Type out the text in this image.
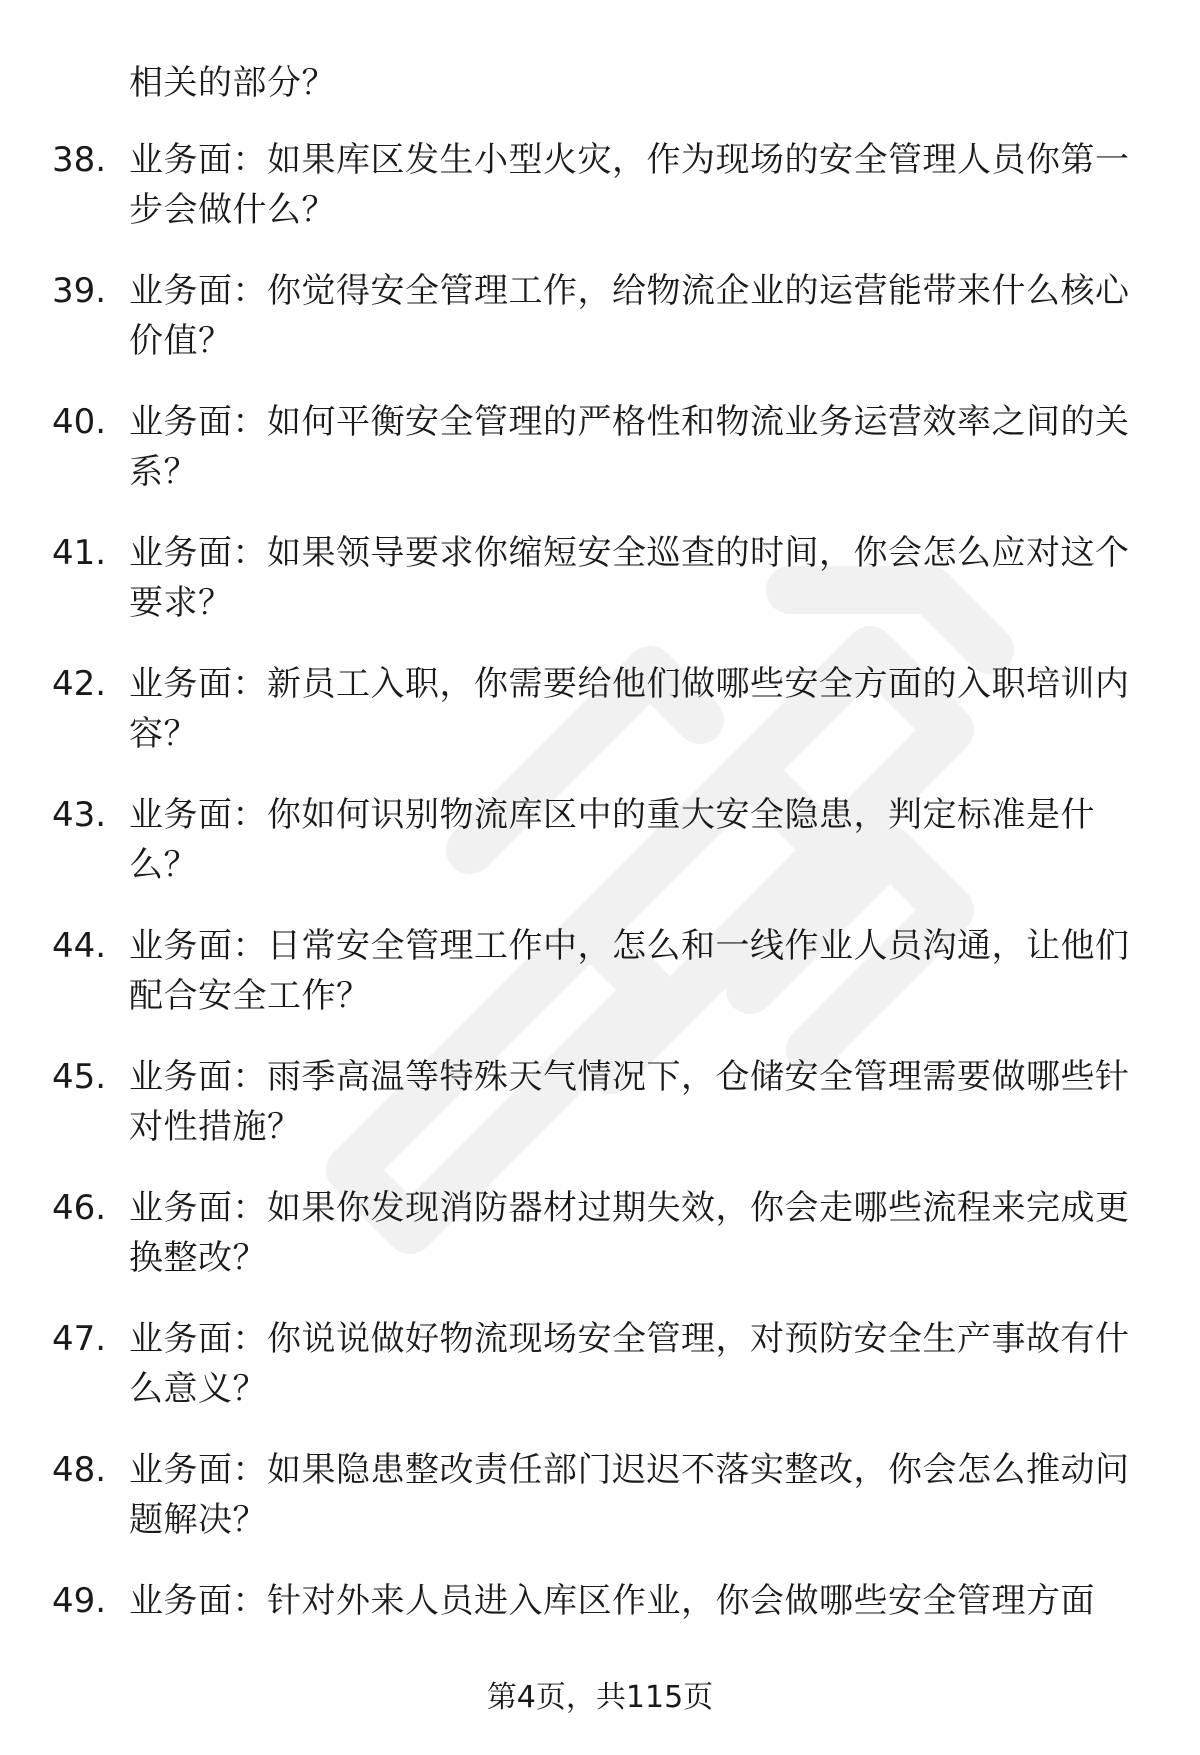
相关的部分？
38. 业务面：如果库区发生小型火灾，作为现场的安全管理人员你第一步会做什么？
39. 业务面：你觉得安全管理工作，给物流企业的运营能带来什么核心价值？
40. 业务面：如何平衡安全管理的严格性和物流业务运营效率之间的关系？
41. 业务面：如果领导要求你缩短安全巡查的时间，你会怎么应对这个要求？
42. 业务面：新员工入职，你需要给他们做哪些安全方面的入职培训内容？
43. 业务面：你如何识别物流库区中的重大安全隐患，判定标准是什么？
44. 业务面：日常安全管理工作中，怎么和一线作业人员沟通，让他们配合安全工作？
45. 业务面：雨季高温等特殊天气情况下，仓储安全管理需要做哪些针对性措施？
46. 业务面：如果你发现消防器材过期失效，你会走哪些流程来完成更换整改？
47. 业务面：你说说做好物流现场安全管理，对预防安全生产事故有什么意义？
48. 业务面：如果隐患整改责任部门迟迟不落实整改，你会怎么推动问题解决？
49. 业务面：针对外来人员进入库区作业，你会做哪些安全管理方面
第4页，共115页
